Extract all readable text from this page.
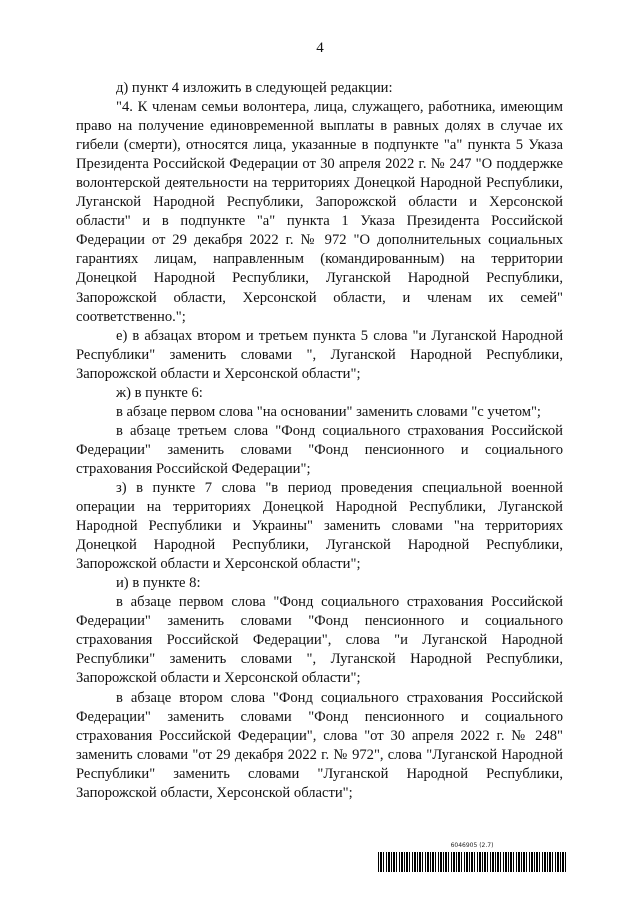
4

д) пункт 4 изложить в следующей редакции:

"4. К членам семьи волонтера, лица, служащего, работника, имеющим право на получение единовременной выплаты в равных долях в случае их гибели (смерти), относятся лица, указанные в подпункте "а" пункта 5 Указа Президента Российской Федерации от 30 апреля 2022 г. № 247 "О поддержке волонтерской деятельности на территориях Донецкой Народной Республики, Луганской Народной Республики, Запорожской области и Херсонской области" и в подпункте "а" пункта 1 Указа Президента Российской Федерации от 29 декабря 2022 г. № 972 "О дополнительных социальных гарантиях лицам, направленным (командированным) на территории Донецкой Народной Республики, Луганской Народной Республики, Запорожской области, Херсонской области, и членам их семей" соответственно.";

е) в абзацах втором и третьем пункта 5 слова "и Луганской Народной Республики" заменить словами ", Луганской Народной Республики, Запорожской области и Херсонской области";

ж) в пункте 6:

в абзаце первом слова "на основании" заменить словами "с учетом";

в абзаце третьем слова "Фонд социального страхования Российской Федерации" заменить словами "Фонд пенсионного и социального страхования Российской Федерации";

з) в пункте 7 слова "в период проведения специальной военной операции на территориях Донецкой Народной Республики, Луганской Народной Республики и Украины" заменить словами "на территориях Донецкой Народной Республики, Луганской Народной Республики, Запорожской области и Херсонской области";

и) в пункте 8:

в абзаце первом слова "Фонд социального страхования Российской Федерации" заменить словами "Фонд пенсионного и социального страхования Российской Федерации", слова "и Луганской Народной Республики" заменить словами ", Луганской Народной Республики, Запорожской области и Херсонской области";

в абзаце втором слова "Фонд социального страхования Российской Федерации" заменить словами "Фонд пенсионного и социального страхования Российской Федерации", слова "от 30 апреля 2022 г. № 248" заменить словами "от 29 декабря 2022 г. № 972", слова "Луганской Народной Республики" заменить словами "Луганской Народной Республики, Запорожской области, Херсонской области";

6046905 (2.7)
